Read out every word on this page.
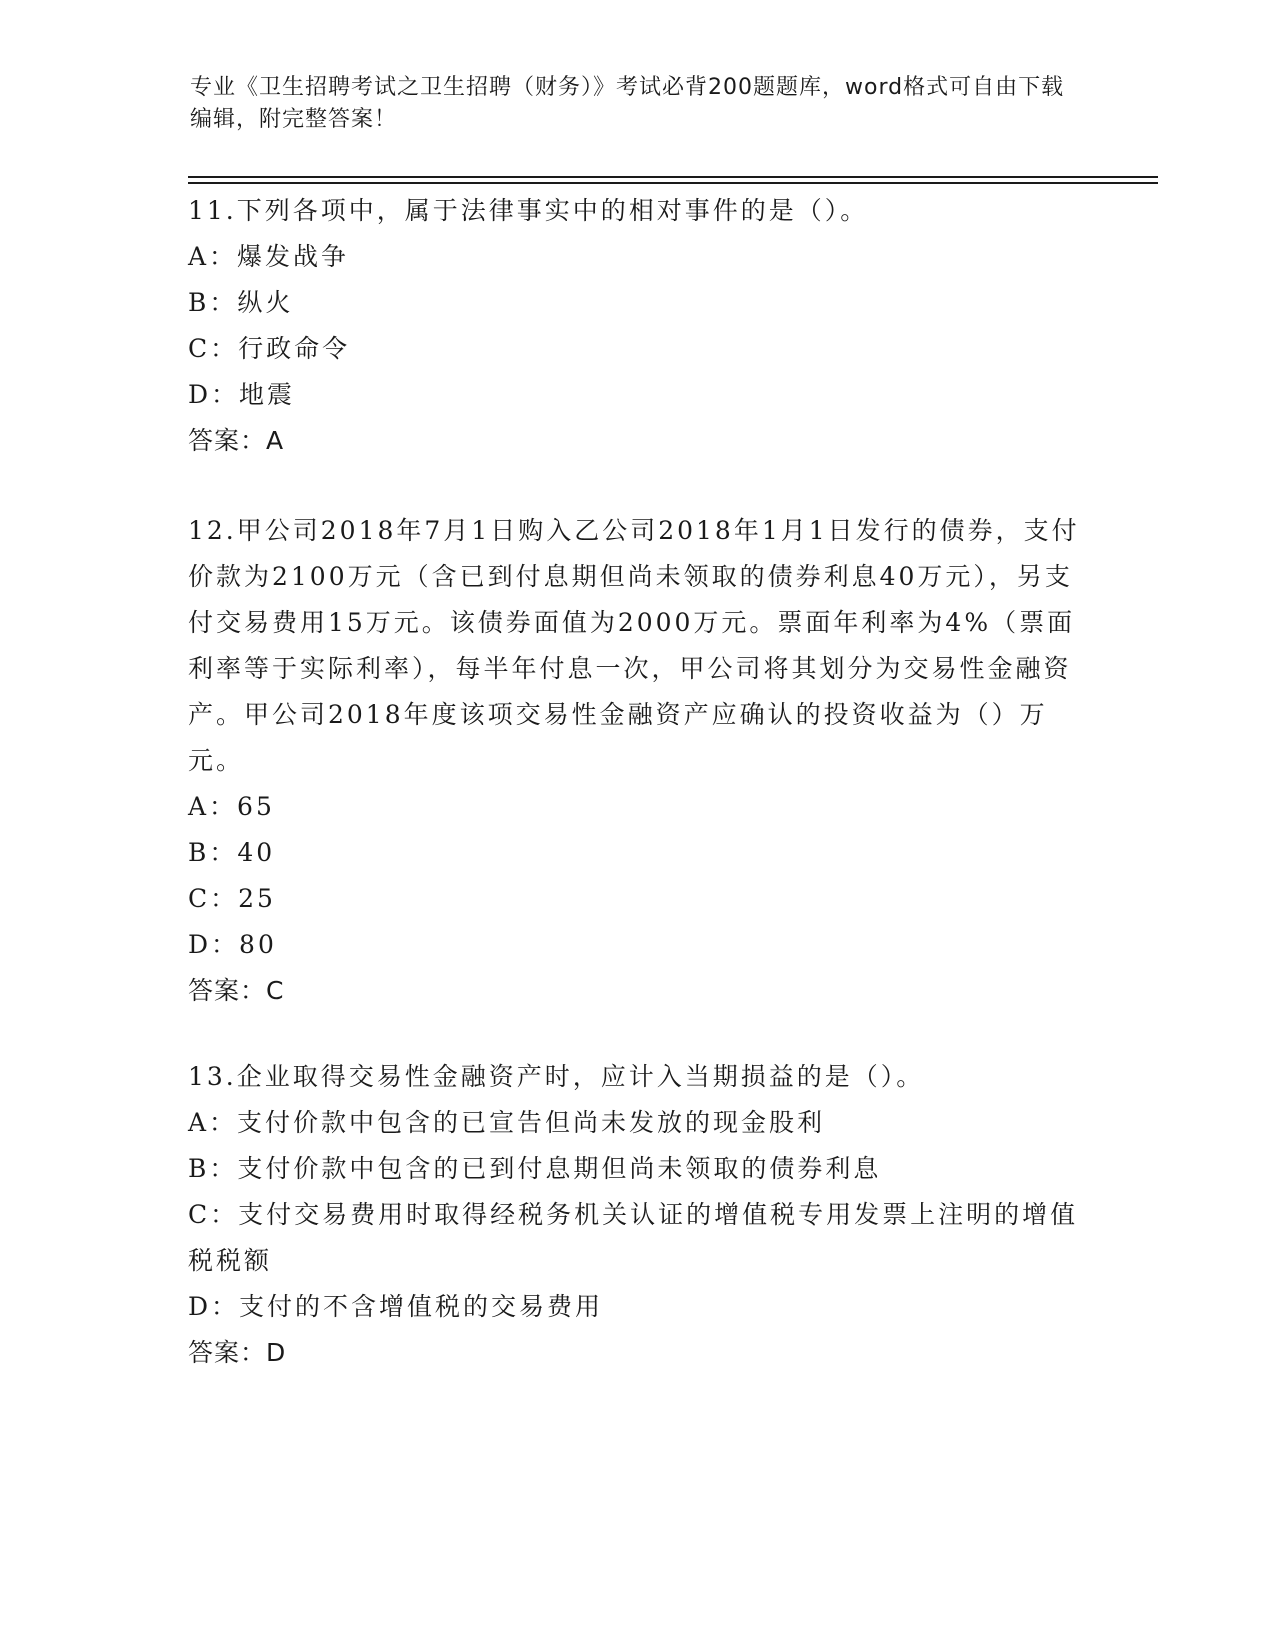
专业《卫生招聘考试之卫生招聘（财务）》考试必背200题题库，word格式可自由下载编辑，附完整答案！

11.下列各项中，属于法律事实中的相对事件的是（）。

A：爆发战争

B：纵火

C：行政命令

D：地震

答案：A

12.甲公司2018年7月1日购入乙公司2018年1月1日发行的债券，支付价款为2100万元（含已到付息期但尚未领取的债券利息40万元），另支付交易费用15万元。该债券面值为2000万元。票面年利率为4%（票面利率等于实际利率），每半年付息一次，甲公司将其划分为交易性金融资产。甲公司2018年度该项交易性金融资产应确认的投资收益为（）万元。

A：65

B：40

C：25

D：80

答案：C

13.企业取得交易性金融资产时，应计入当期损益的是（）。

A：支付价款中包含的已宣告但尚未发放的现金股利

B：支付价款中包含的已到付息期但尚未领取的债券利息

C：支付交易费用时取得经税务机关认证的增值税专用发票上注明的增值税税额

D：支付的不含增值税的交易费用

答案：D
